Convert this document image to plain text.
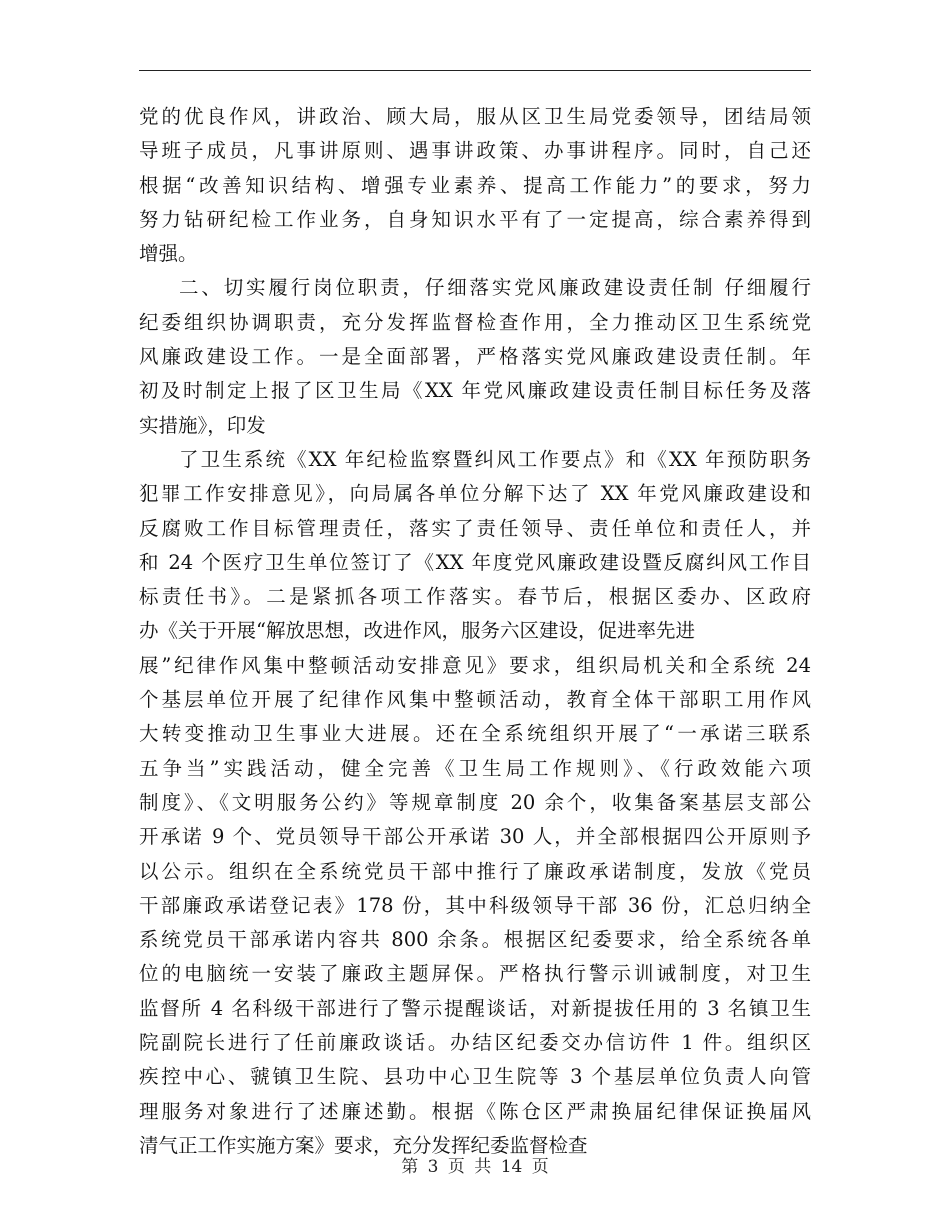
党的优良作风，讲政治、顾大局，服从区卫生局党委领导，团结局领
导班子成员，凡事讲原则、遇事讲政策、办事讲程序。同时，自己还
根据“改善知识结构、增强专业素养、提高工作能力”的要求，努力
努力钻研纪检工作业务，自身知识水平有了一定提高，综合素养得到
增强。
二、切实履行岗位职责，仔细落实党风廉政建设责任制 仔细履行
纪委组织协调职责，充分发挥监督检查作用，全力推动区卫生系统党
风廉政建设工作。一是全面部署，严格落实党风廉政建设责任制。年
初及时制定上报了区卫生局《XX 年党风廉政建设责任制目标任务及落
实措施》，印发
了卫生系统《XX 年纪检监察暨纠风工作要点》和《XX 年预防职务
犯罪工作安排意见》，向局属各单位分解下达了 XX 年党风廉政建设和
反腐败工作目标管理责任，落实了责任领导、责任单位和责任人，并
和 24 个医疗卫生单位签订了《XX 年度党风廉政建设暨反腐纠风工作目
标责任书》。二是紧抓各项工作落实。春节后，根据区委办、区政府
办《关于开展“解放思想，改进作风，服务六区建设，促进率先进
展”纪律作风集中整顿活动安排意见》要求，组织局机关和全系统 24
个基层单位开展了纪律作风集中整顿活动，教育全体干部职工用作风
大转变推动卫生事业大进展。还在全系统组织开展了“一承诺三联系
五争当”实践活动，健全完善《卫生局工作规则》、《行政效能六项
制度》、《文明服务公约》等规章制度 20 余个，收集备案基层支部公
开承诺 9 个、党员领导干部公开承诺 30 人，并全部根据四公开原则予
以公示。组织在全系统党员干部中推行了廉政承诺制度，发放《党员
干部廉政承诺登记表》178 份，其中科级领导干部 36 份，汇总归纳全
系统党员干部承诺内容共 800 余条。根据区纪委要求，给全系统各单
位的电脑统一安装了廉政主题屏保。严格执行警示训诫制度，对卫生
监督所 4 名科级干部进行了警示提醒谈话，对新提拔任用的 3 名镇卫生
院副院长进行了任前廉政谈话。办结区纪委交办信访件 1 件。组织区
疾控中心、虢镇卫生院、县功中心卫生院等 3 个基层单位负责人向管
理服务对象进行了述廉述勤。根据《陈仓区严肃换届纪律保证换届风
清气正工作实施方案》要求，充分发挥纪委监督检查
第 3 页 共 14 页
